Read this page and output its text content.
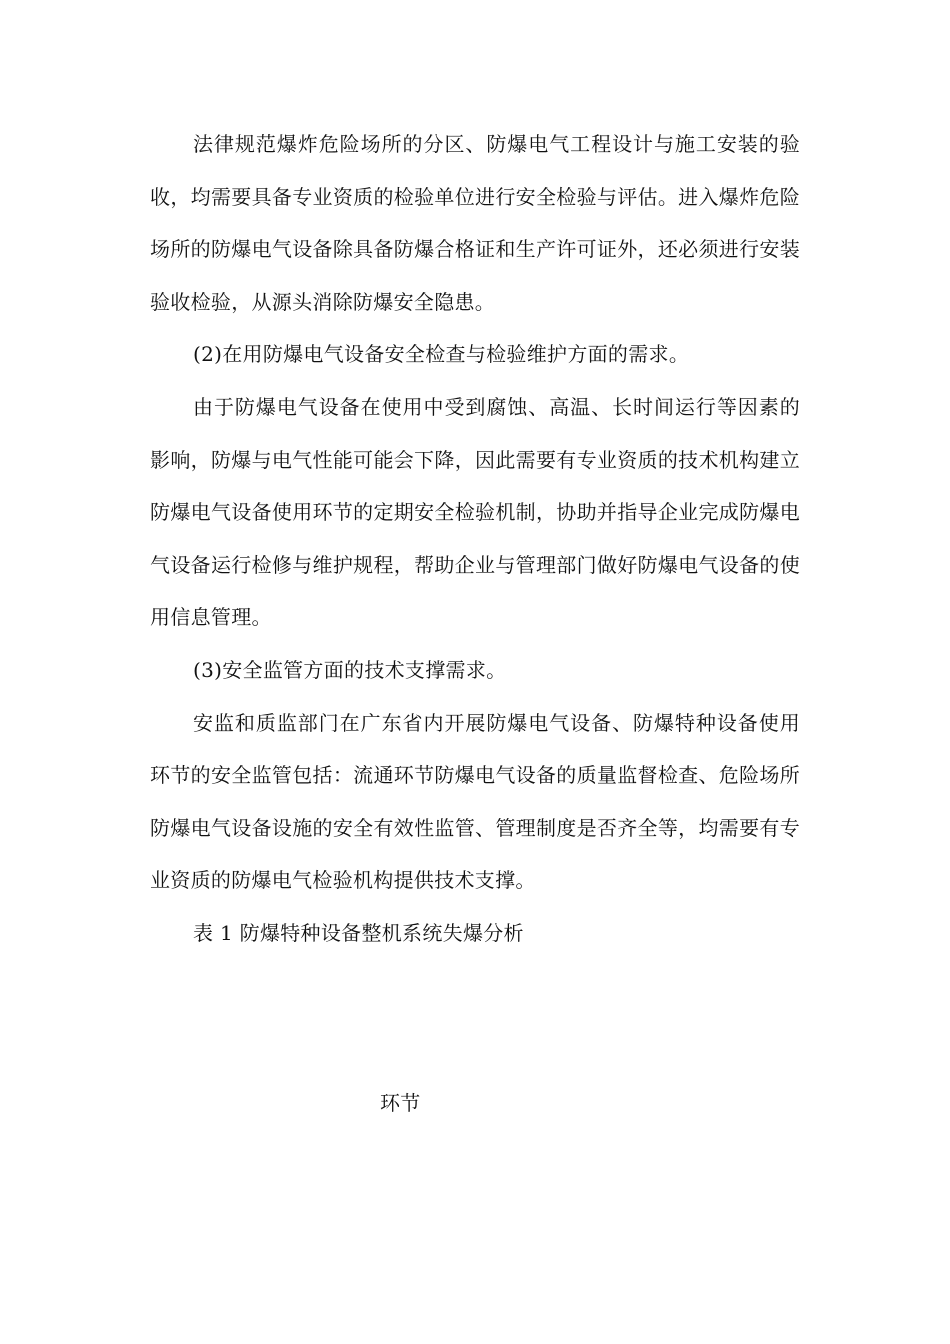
法律规范爆炸危险场所的分区、防爆电气工程设计与施工安装的验收，均需要具备专业资质的检验单位进行安全检验与评估。进入爆炸危险场所的防爆电气设备除具备防爆合格证和生产许可证外，还必须进行安装验收检验，从源头消除防爆安全隐患。

(2)在用防爆电气设备安全检查与检验维护方面的需求。

由于防爆电气设备在使用中受到腐蚀、高温、长时间运行等因素的影响，防爆与电气性能可能会下降，因此需要有专业资质的技术机构建立防爆电气设备使用环节的定期安全检验机制，协助并指导企业完成防爆电气设备运行检修与维护规程，帮助企业与管理部门做好防爆电气设备的使用信息管理。

(3)安全监管方面的技术支撑需求。

安监和质监部门在广东省内开展防爆电气设备、防爆特种设备使用环节的安全监管包括：流通环节防爆电气设备的质量监督检查、危险场所防爆电气设备设施的安全有效性监管、管理制度是否齐全等，均需要有专业资质的防爆电气检验机构提供技术支撑。

表 1 防爆特种设备整机系统失爆分析

环节
